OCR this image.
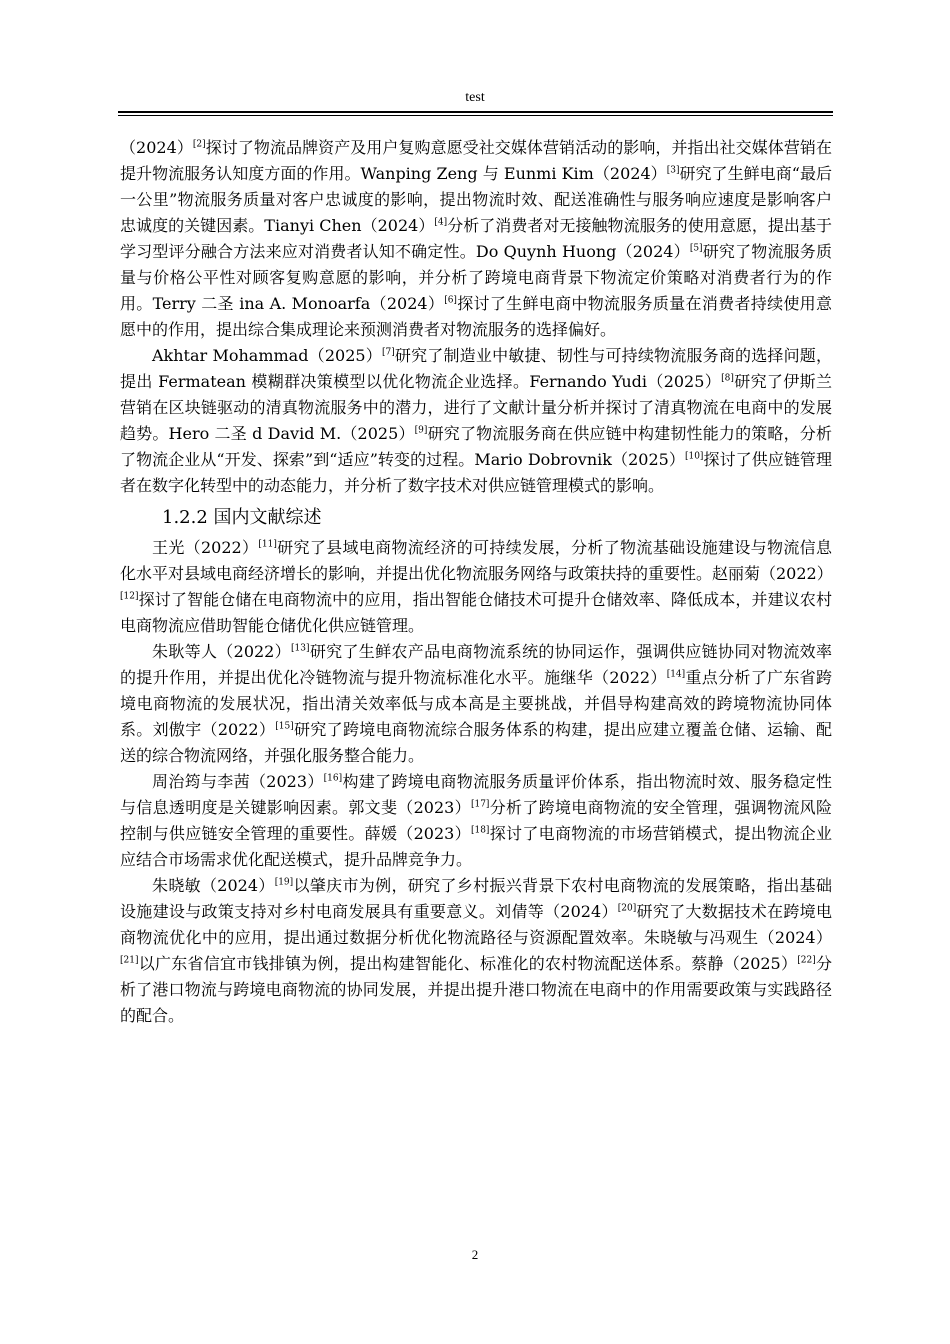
test

（2024）[2]探讨了物流品牌资产及用户复购意愿受社交媒体营销活动的影响，并指出社交媒体营销在提升物流服务认知度方面的作用。Wanping Zeng 与 Eunmi Kim（2024）[3]研究了生鲜电商“最后一公里”物流服务质量对客户忠诚度的影响，提出物流时效、配送准确性与服务响应速度是影响客户忠诚度的关键因素。Tianyi Chen（2024）[4]分析了消费者对无接触物流服务的使用意愿，提出基于学习型评分融合方法来应对消费者认知不确定性。Do Quynh Huong（2024）[5]研究了物流服务质量与价格公平性对顾客复购意愿的影响，并分析了跨境电商背景下物流定价策略对消费者行为的作用。Terry 二圣 ina A. Monoarfa（2024）[6]探讨了生鲜电商中物流服务质量在消费者持续使用意愿中的作用，提出综合集成理论来预测消费者对物流服务的选择偏好。

Akhtar Mohammad（2025）[7]研究了制造业中敏捷、韧性与可持续物流服务商的选择问题，提出 Fermatean 模糊群决策模型以优化物流企业选择。Fernando Yudi（2025）[8]研究了伊斯兰营销在区块链驱动的清真物流服务中的潜力，进行了文献计量分析并探讨了清真物流在电商中的发展趋势。Hero 二圣 d David M.（2025）[9]研究了物流服务商在供应链中构建韧性能力的策略，分析了物流企业从“开发、探索”到“适应”转变的过程。Mario Dobrovnik（2025）[10]探讨了供应链管理者在数字化转型中的动态能力，并分析了数字技术对供应链管理模式的影响。

1.2.2 国内文献综述

王光（2022）[11]研究了县域电商物流经济的可持续发展，分析了物流基础设施建设与物流信息化水平对县域电商经济增长的影响，并提出优化物流服务网络与政策扶持的重要性。赵丽菊（2022）[12]探讨了智能仓储在电商物流中的应用，指出智能仓储技术可提升仓储效率、降低成本，并建议农村电商物流应借助智能仓储优化供应链管理。

朱耿等人（2022）[13]研究了生鲜农产品电商物流系统的协同运作，强调供应链协同对物流效率的提升作用，并提出优化冷链物流与提升物流标准化水平。施继华（2022）[14]重点分析了广东省跨境电商物流的发展状况，指出清关效率低与成本高是主要挑战，并倡导构建高效的跨境物流协同体系。刘傲宇（2022）[15]研究了跨境电商物流综合服务体系的构建，提出应建立覆盖仓储、运输、配送的综合物流网络，并强化服务整合能力。

周治筠与李茜（2023）[16]构建了跨境电商物流服务质量评价体系，指出物流时效、服务稳定性与信息透明度是关键影响因素。郭文斐（2023）[17]分析了跨境电商物流的安全管理，强调物流风险控制与供应链安全管理的重要性。薛媛（2023）[18]探讨了电商物流的市场营销模式，提出物流企业应结合市场需求优化配送模式，提升品牌竞争力。

朱晓敏（2024）[19]以肇庆市为例，研究了乡村振兴背景下农村电商物流的发展策略，指出基础设施建设与政策支持对乡村电商发展具有重要意义。刘倩等（2024）[20]研究了大数据技术在跨境电商物流优化中的应用，提出通过数据分析优化物流路径与资源配置效率。朱晓敏与冯观生（2024）[21]以广东省信宜市钱排镇为例，提出构建智能化、标准化的农村物流配送体系。蔡静（2025）[22]分析了港口物流与跨境电商物流的协同发展，并提出提升港口物流在电商中的作用需要政策与实践路径的配合。

2
